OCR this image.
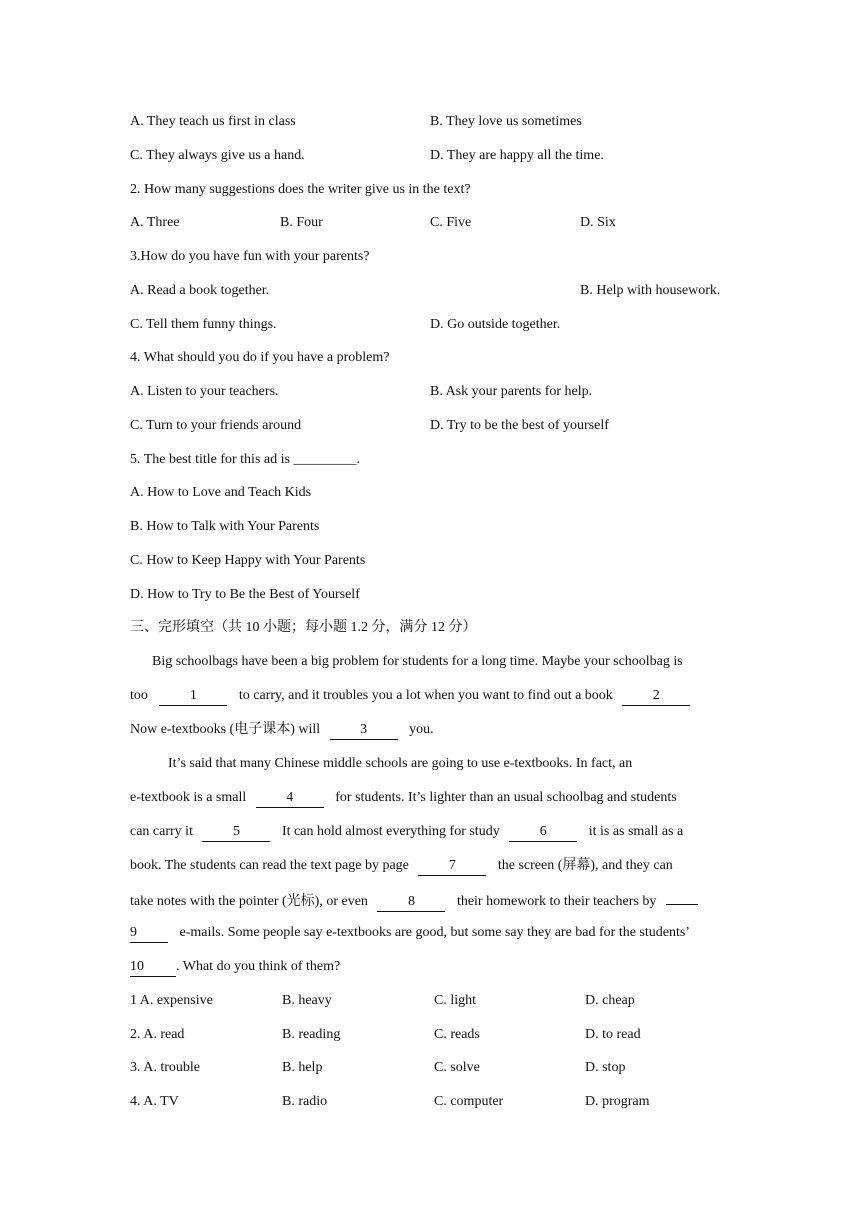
A. They teach us first in class	B. They love us sometimes
C. They always give us a hand.	D. They are happy all the time.
2. How many suggestions does the writer give us in the text?
A. Three	B. Four	C. Five	D. Six
3.How do you have fun with your parents?
A. Read a book together.	B. Help with housework.
C. Tell them funny things.	D. Go outside together.
4. What should you do if you have a problem?
A. Listen to your teachers.	B. Ask your parents for help.
C. Turn to your friends around	D. Try to be the best of yourself
5. The best title for this ad is _________.
A. How to Love and Teach Kids
B. How to Talk with Your Parents
C. How to Keep Happy with Your Parents
D. How to Try to Be the Best of Yourself
三、完形填空（共 10 小题；每小题 1.2 分，满分 12 分）
Big schoolbags have been a big problem for students for a long time. Maybe your schoolbag is
too	1	to carry, and it troubles you a lot when you want to find out a book	2
Now e-textbooks (电子课本) will	3	you.
It’s said that many Chinese middle schools are going to use e-textbooks. In fact, an
e-textbook is a small	4	for students. It’s lighter than an usual schoolbag and students
can carry it	5	It can hold almost everything for study	6	it is as small as a
book. The students can read the text page by page	7	the screen (屏幕), and they can
take notes with the pointer (光标), or even	8	their homework to their teachers by
9	e-mails. Some people say e-textbooks are good, but some say they are bad for the students’
10 . What do you think of them?
1 A. expensive	B. heavy	C. light	D. cheap
2. A. read	B. reading	C. reads	D. to read
3. A. trouble	B. help	C. solve	D. stop
4. A. TV	B. radio	C. computer	D. program
